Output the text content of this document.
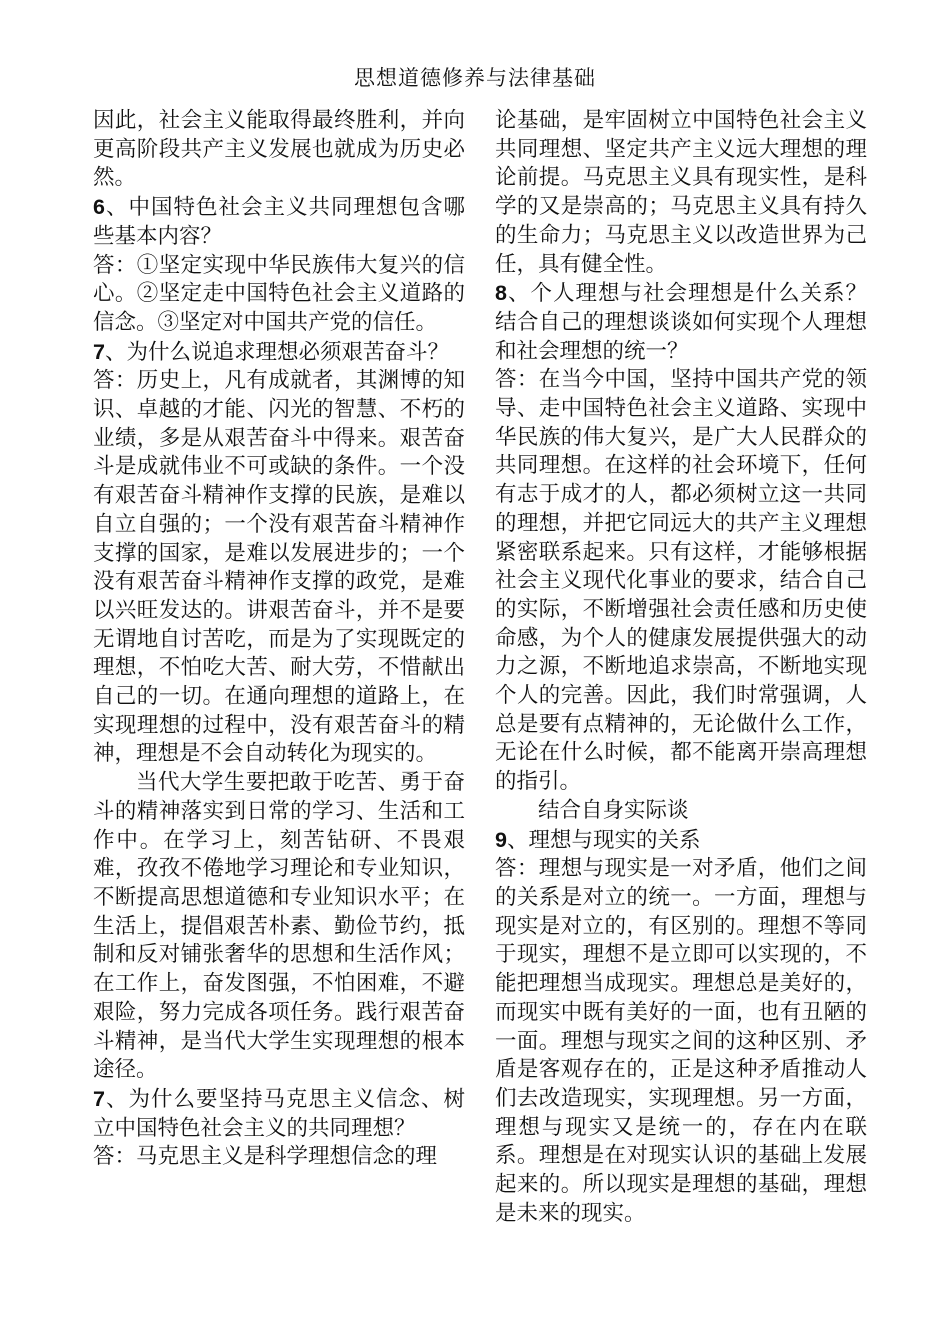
思想道德修养与法律基础

因此，社会主义能取得最终胜利，并向更高阶段共产主义发展也就成为历史必然。

6、中国特色社会主义共同理想包含哪些基本内容？

答：①坚定实现中华民族伟大复兴的信心。②坚定走中国特色社会主义道路的信念。③坚定对中国共产党的信任。

7、为什么说追求理想必须艰苦奋斗？

答：历史上，凡有成就者，其渊博的知识、卓越的才能、闪光的智慧、不朽的业绩，多是从艰苦奋斗中得来。艰苦奋斗是成就伟业不可或缺的条件。一个没有艰苦奋斗精神作支撑的民族，是难以自立自强的；一个没有艰苦奋斗精神作支撑的国家，是难以发展进步的；一个没有艰苦奋斗精神作支撑的政党，是难以兴旺发达的。讲艰苦奋斗，并不是要无谓地自讨苦吃，而是为了实现既定的理想，不怕吃大苦、耐大劳，不惜献出自己的一切。在通向理想的道路上，在实现理想的过程中，没有艰苦奋斗的精神，理想是不会自动转化为现实的。

当代大学生要把敢于吃苦、勇于奋斗的精神落实到日常的学习、生活和工作中。在学习上，刻苦钻研、不畏艰难，孜孜不倦地学习理论和专业知识，不断提高思想道德和专业知识水平；在生活上，提倡艰苦朴素、勤俭节约，抵制和反对铺张奢华的思想和生活作风；在工作上，奋发图强，不怕困难，不避艰险，努力完成各项任务。践行艰苦奋斗精神，是当代大学生实现理想的根本途径。

7、为什么要坚持马克思主义信念、树立中国特色社会主义的共同理想？

答：马克思主义是科学理想信念的理

论基础，是牢固树立中国特色社会主义共同理想、坚定共产主义远大理想的理论前提。马克思主义具有现实性，是科学的又是崇高的；马克思主义具有持久的生命力；马克思主义以改造世界为己任，具有健全性。

8、个人理想与社会理想是什么关系？结合自己的理想谈谈如何实现个人理想和社会理想的统一？

答：在当今中国，坚持中国共产党的领导、走中国特色社会主义道路、实现中华民族的伟大复兴，是广大人民群众的共同理想。在这样的社会环境下，任何有志于成才的人，都必须树立这一共同的理想，并把它同远大的共产主义理想紧密联系起来。只有这样，才能够根据社会主义现代化事业的要求，结合自己的实际，不断增强社会责任感和历史使命感，为个人的健康发展提供强大的动力之源，不断地追求崇高，不断地实现个人的完善。因此，我们时常强调，人总是要有点精神的，无论做什么工作，无论在什么时候，都不能离开崇高理想的指引。

结合自身实际谈

9、理想与现实的关系

答：理想与现实是一对矛盾，他们之间的关系是对立的统一。一方面，理想与现实是对立的，有区别的。理想不等同于现实，理想不是立即可以实现的，不能把理想当成现实。理想总是美好的，而现实中既有美好的一面，也有丑陋的一面。理想与现实之间的这种区别、矛盾是客观存在的，正是这种矛盾推动人们去改造现实，实现理想。另一方面，理想与现实又是统一的，存在内在联系。理想是在对现实认识的基础上发展起来的。所以现实是理想的基础，理想是未来的现实。
